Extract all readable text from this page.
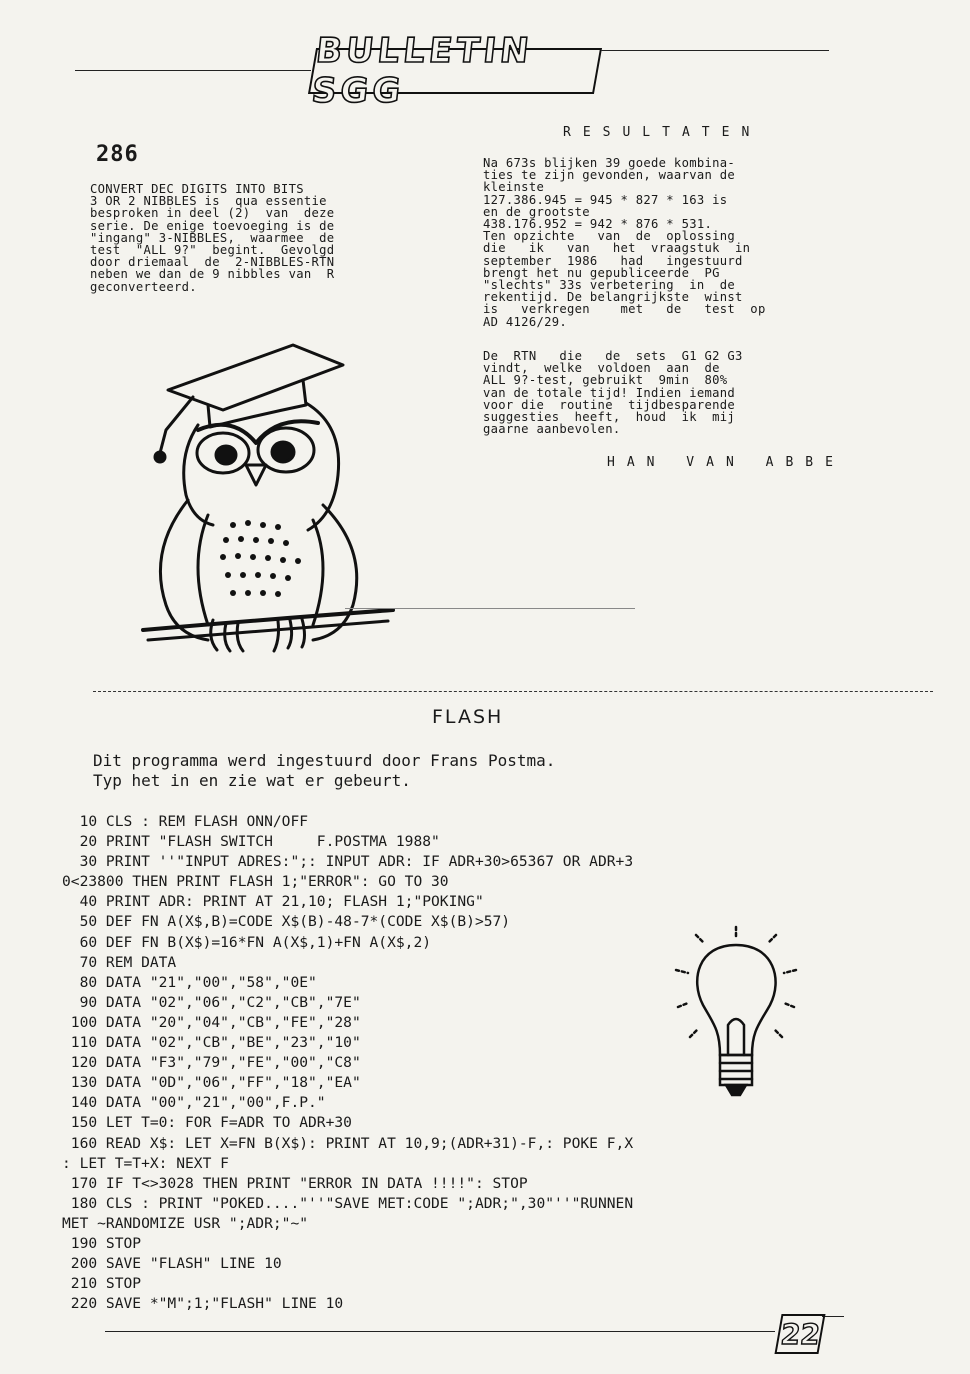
BULLETIN SGG
286
CONVERT DEC DIGITS INTO BITS
3 OR 2 NIBBLES is  qua essentie
besproken in deel (2)  van  deze
serie. De enige toevoeging is de
"ingang" 3-NIBBLES,  waarmee  de
test  "ALL 9?"  begint.  Gevolgd
door driemaal  de  2-NIBBLES-RTN
neben we dan de 9 nibbles van  R
geconverteerd.
RESULTATEN
Na 673s blijken 39 goede kombina-
ties te zijn gevonden, waarvan de
kleinste
127.386.945 = 945 * 827 * 163 is
en de grootste
438.176.952 = 942 * 876 * 531.
Ten opzichte   van  de  oplossing
die   ik   van   het  vraagstuk  in
september  1986   had   ingestuurd
brengt het nu gepubliceerde  PG
"slechts" 33s verbetering  in  de
rekentijd. De belangrijkste  winst
is   verkregen    met   de   test  op
AD 4126/29.
De  RTN   die   de  sets  G1 G2 G3
vindt,  welke  voldoen  aan  de
ALL 9?-test, gebruikt  9min  80%
van de totale tijd! Indien iemand
voor die  routine  tijdbesparende
suggesties  heeft,  houd  ik  mij
gaarne aanbevolen.
HAN VAN ABBE
FLASH
Dit programma werd ingestuurd door Frans Postma.
Typ het in en zie wat er gebeurt.
10 CLS : REM FLASH ONN/OFF
20 PRINT "FLASH SWITCH     F.POSTMA 1988"
30 PRINT ''"INPUT ADRES:";: INPUT ADR: IF ADR+30>65367 OR ADR+3
0<23800 THEN PRINT FLASH 1;"ERROR": GO TO 30
40 PRINT ADR: PRINT AT 21,10; FLASH 1;"POKING"
50 DEF FN A(X$,B)=CODE X$(B)-48-7*(CODE X$(B)>57)
60 DEF FN B(X$)=16*FN A(X$,1)+FN A(X$,2)
70 REM DATA
80 DATA "21","00","58","0E"
90 DATA "02","06","C2","CB","7E"
100 DATA "20","04","CB","FE","28"
110 DATA "02","CB","BE","23","10"
120 DATA "F3","79","FE","00","C8"
130 DATA "0D","06","FF","18","EA"
140 DATA "00","21","00",F.P."
150 LET T=0: FOR F=ADR TO ADR+30
160 READ X$: LET X=FN B(X$): PRINT AT 10,9;(ADR+31)-F,: POKE F,X
: LET T=T+X: NEXT F
170 IF T<>3028 THEN PRINT "ERROR IN DATA !!!!": STOP
180 CLS : PRINT "POKED...."''"SAVE MET:CODE ";ADR;",30"''"RUNNEN
MET ~RANDOMIZE USR ";ADR;"~"
190 STOP
200 SAVE "FLASH" LINE 10
210 STOP
220 SAVE *"M";1;"FLASH" LINE 10
22
